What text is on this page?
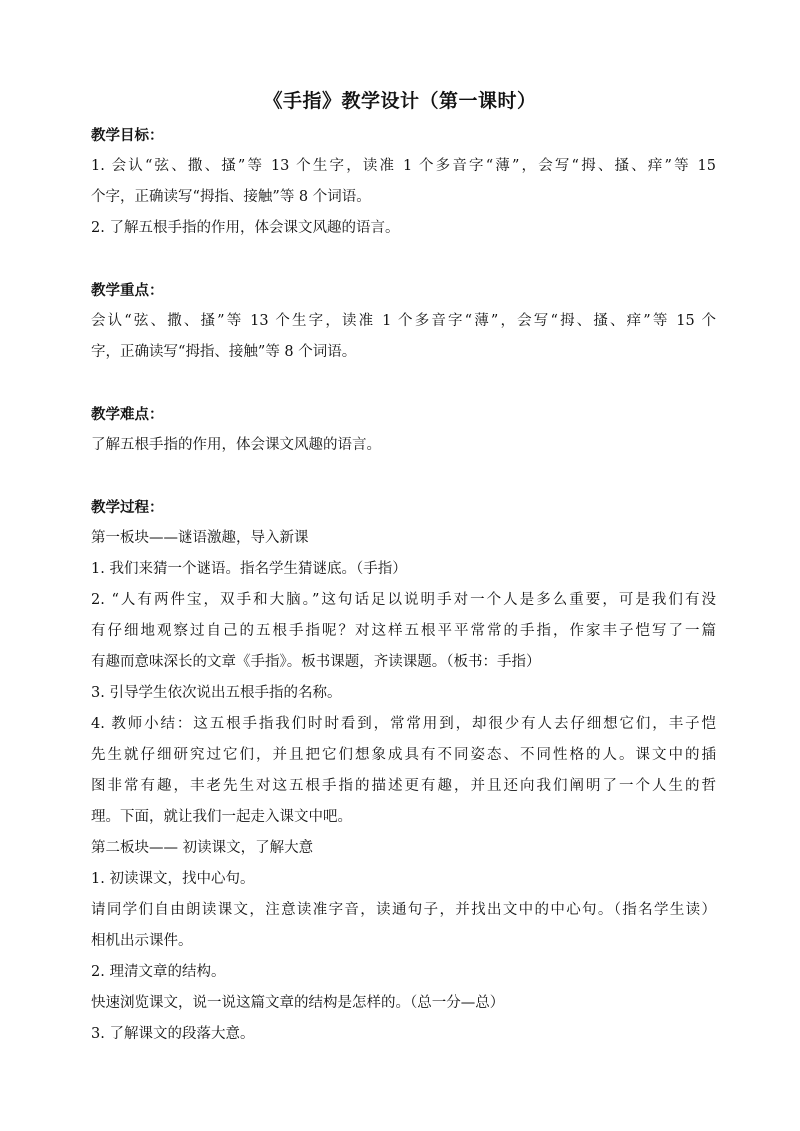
《手指》教学设计（第一课时）
教学目标：
1. 会认“弦、撒、搔”等 13 个生字，读准 1 个多音字“薄”，会写“拇、搔、痒”等 15
个字，正确读写“拇指、接触”等 8 个词语。
2. 了解五根手指的作用，体会课文风趣的语言。
教学重点：
会认“弦、撒、搔”等 13 个生字，读准 1 个多音字“薄”，会写“拇、搔、痒”等 15 个
字，正确读写“拇指、接触”等 8 个词语。
教学难点：
了解五根手指的作用，体会课文风趣的语言。
教学过程：
第一板块——谜语激趣，导入新课
1. 我们来猜一个谜语。指名学生猜谜底。（手指）
2. “人有两件宝，双手和大脑。”这句话足以说明手对一个人是多么重要，可是我们有没
有仔细地观察过自己的五根手指呢？对这样五根平平常常的手指，作家丰子恺写了一篇
有趣而意味深长的文章《手指》。板书课题，齐读课题。（板书：手指）
3. 引导学生依次说出五根手指的名称。
4. 教师小结：这五根手指我们时时看到，常常用到，却很少有人去仔细想它们，丰子恺
先生就仔细研究过它们，并且把它们想象成具有不同姿态、不同性格的人。课文中的插
图非常有趣，丰老先生对这五根手指的描述更有趣，并且还向我们阐明了一个人生的哲
理。下面，就让我们一起走入课文中吧。
第二板块—— 初读课文，了解大意
1. 初读课文，找中心句。
请同学们自由朗读课文，注意读准字音，读通句子，并找出文中的中心句。（指名学生读）
相机出示课件。
2. 理清文章的结构。
快速浏览课文，说一说这篇文章的结构是怎样的。（总一分—总）
3. 了解课文的段落大意。
